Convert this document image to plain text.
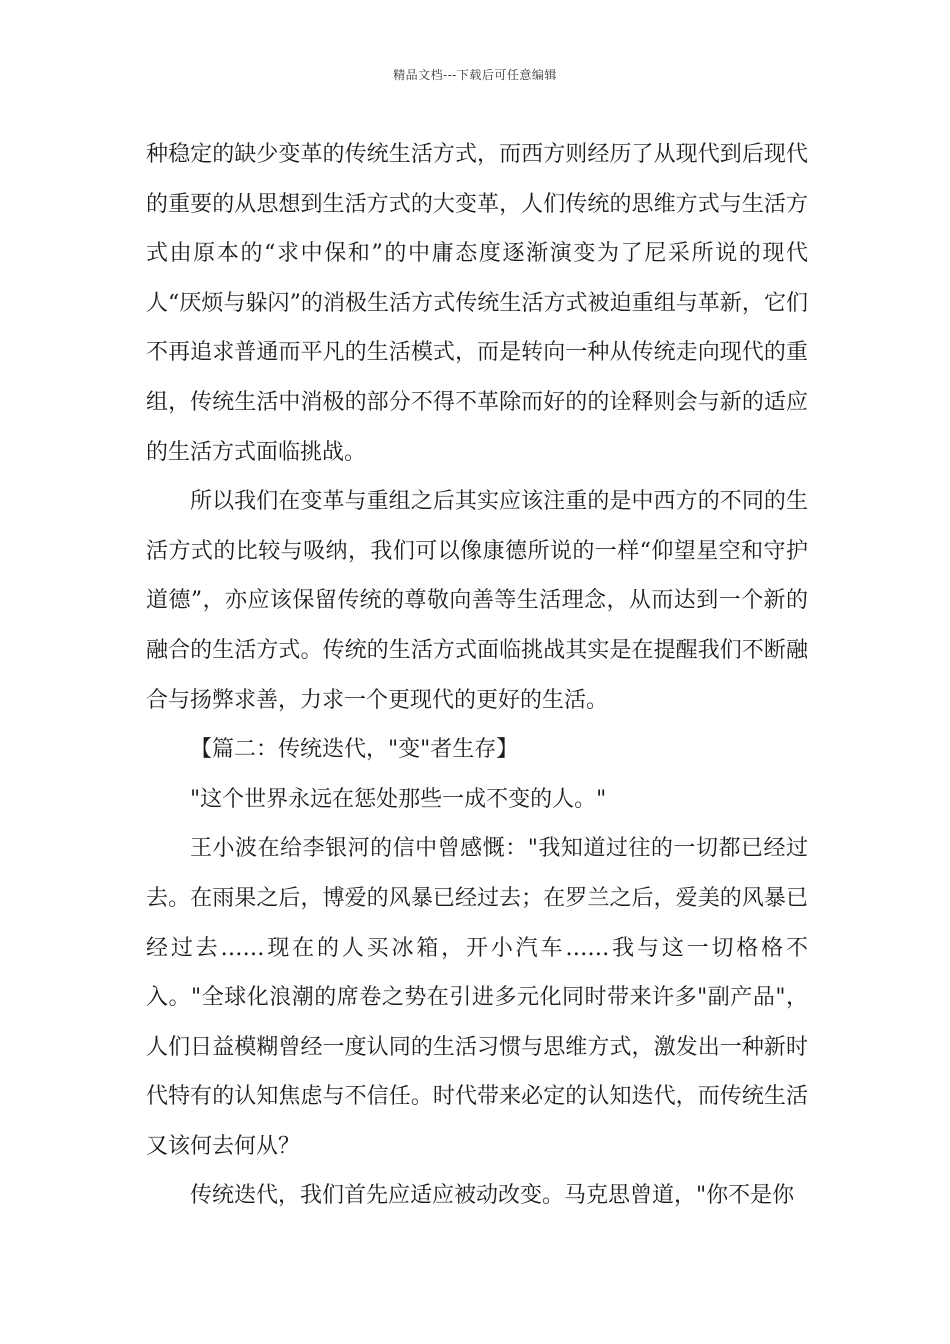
精品文档---下载后可任意编辑

种稳定的缺少变革的传统生活方式，而西方则经历了从现代到后现代的重要的从思想到生活方式的大变革，人们传统的思维方式与生活方式由原本的“求中保和”的中庸态度逐渐演变为了尼采所说的现代人“厌烦与躲闪”的消极生活方式传统生活方式被迫重组与革新，它们不再追求普通而平凡的生活模式，而是转向一种从传统走向现代的重组，传统生活中消极的部分不得不革除而好的的诠释则会与新的适应的生活方式面临挑战。

所以我们在变革与重组之后其实应该注重的是中西方的不同的生活方式的比较与吸纳，我们可以像康德所说的一样“仰望星空和守护道德”，亦应该保留传统的尊敬向善等生活理念，从而达到一个新的融合的生活方式。传统的生活方式面临挑战其实是在提醒我们不断融合与扬弊求善，力求一个更现代的更好的生活。

【篇二：传统迭代，"变"者生存】

"这个世界永远在惩处那些一成不变的人。"

王小波在给李银河的信中曾感慨："我知道过往的一切都已经过去。在雨果之后，博爱的风暴已经过去；在罗兰之后，爱美的风暴已经过去……现在的人买冰箱，开小汽车……我与这一切格格不入。"全球化浪潮的席卷之势在引进多元化同时带来许多"副产品"，人们日益模糊曾经一度认同的生活习惯与思维方式，激发出一种新时代特有的认知焦虑与不信任。时代带来必定的认知迭代，而传统生活又该何去何从？

传统迭代，我们首先应适应被动改变。马克思曾道，"你不是你
